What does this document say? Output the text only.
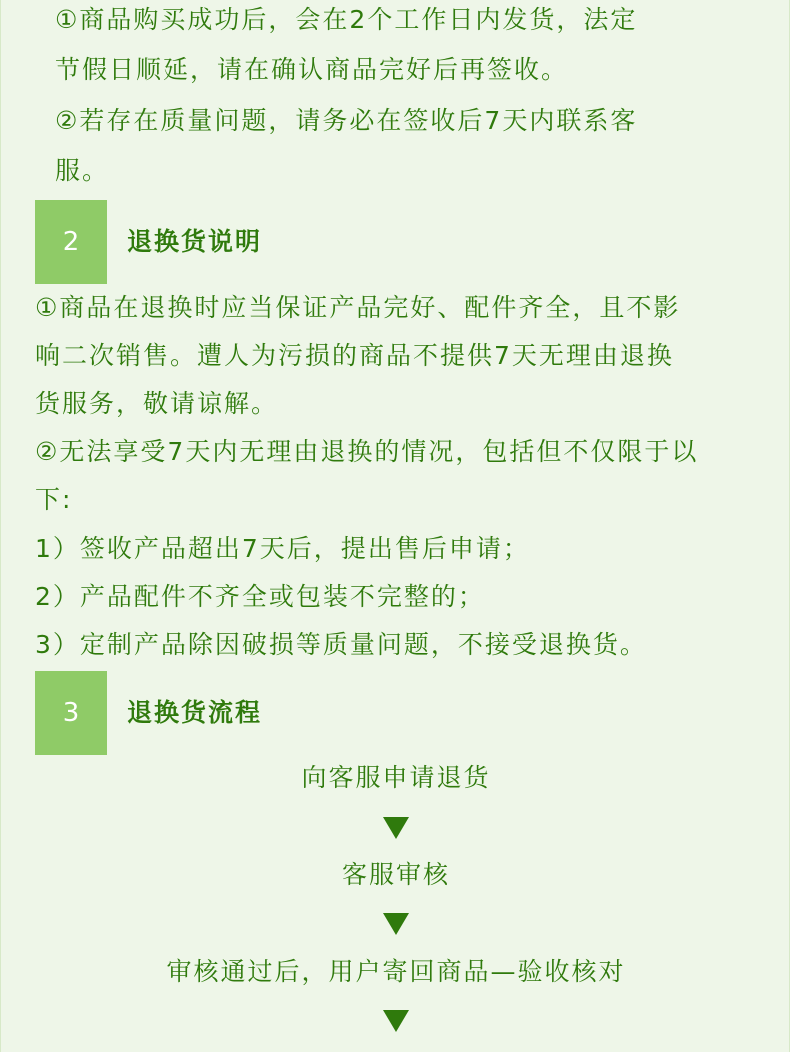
①商品购买成功后，会在2个工作日内发货，法定

节假日顺延，请在确认商品完好后再签收。

②若存在质量问题，请务必在签收后7天内联系客

服。

2	退换货说明

①商品在退换时应当保证产品完好、配件齐全，且不影

响二次销售。遭人为污损的商品不提供7天无理由退换

货服务，敬请谅解。

②无法享受7天内无理由退换的情况，包括但不仅限于以

下:

1）签收产品超出7天后，提出售后申请；

2）产品配件不齐全或包装不完整的；

3）定制产品除因破损等质量问题，不接受退换货。

3	退换货流程
向客服申请退货
客服审核
审核通过后，用户寄回商品—验收核对
